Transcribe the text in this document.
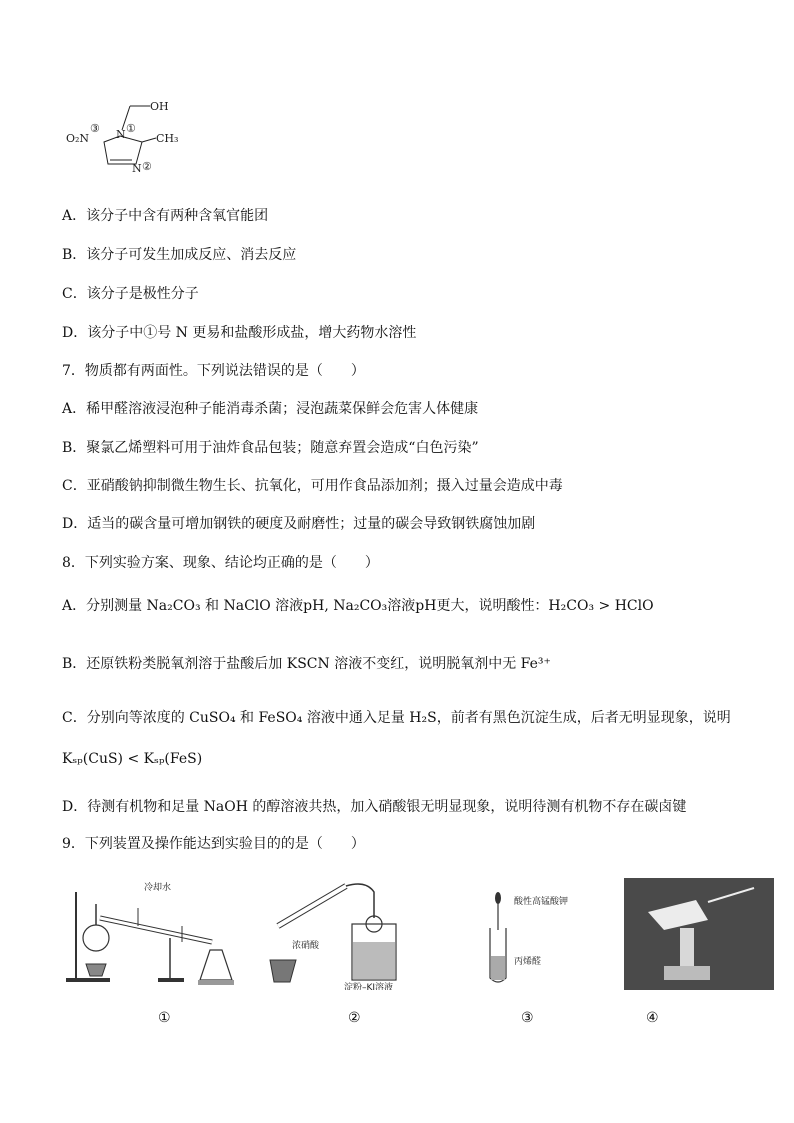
OH
O₂N
③ N ①
CH₃
N ②
A．该分子中含有两种含氧官能团
B．该分子可发生加成反应、消去反应
C．该分子是极性分子
D．该分子中①号 N 更易和盐酸形成盐，增大药物水溶性
7．物质都有两面性。下列说法错误的是（　　）
A．稀甲醛溶液浸泡种子能消毒杀菌；浸泡蔬菜保鲜会危害人体健康
B．聚氯乙烯塑料可用于油炸食品包装；随意弃置会造成“白色污染”
C．亚硝酸钠抑制微生物生长、抗氧化，可用作食品添加剂；摄入过量会造成中毒
D．适当的碳含量可增加钢铁的硬度及耐磨性；过量的碳会导致钢铁腐蚀加剧
8．下列实验方案、现象、结论均正确的是（　　）
A．分别测量 Na₂CO₃ 和 NaClO 溶液pH, Na₂CO₃溶液pH更大，说明酸性：H₂CO₃ > HClO
B．还原铁粉类脱氧剂溶于盐酸后加 KSCN 溶液不变红，说明脱氧剂中无 Fe³⁺
C．分别向等浓度的 CuSO₄ 和 FeSO₄ 溶液中通入足量 H₂S，前者有黑色沉淀生成，后者无明显现象，说明
Kₛₚ(CuS) < Kₛₚ(FeS)
D．待测有机物和足量 NaOH 的醇溶液共热，加入硝酸银无明显现象，说明待测有机物不存在碳卤键
9．下列装置及操作能达到实验目的的是（　　）
冷却水
浓硝酸
淀粉–KI溶液
酸性高锰酸钾
丙烯醛
①	②	③	④
